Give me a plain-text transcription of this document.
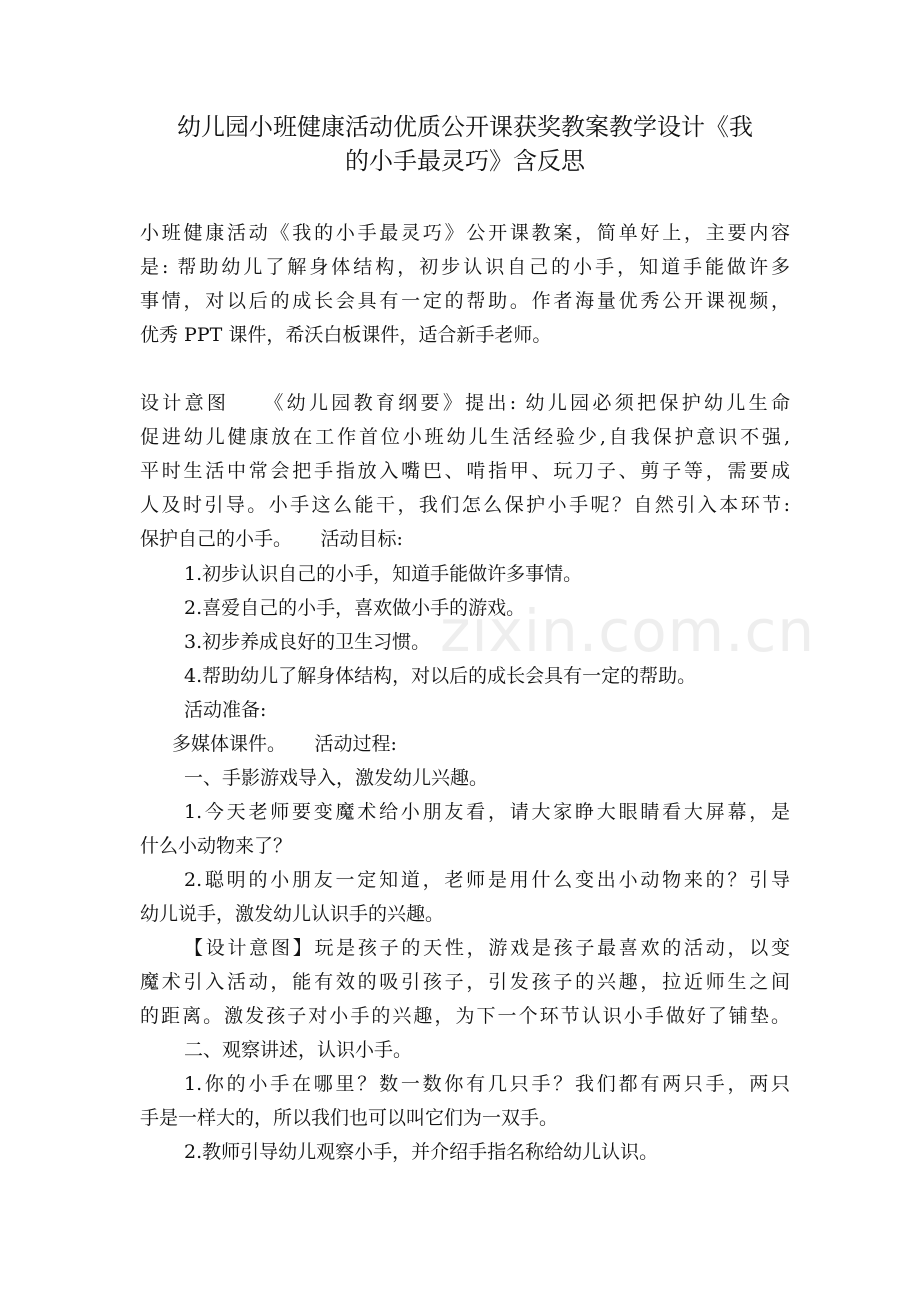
幼儿园小班健康活动优质公开课获奖教案教学设计《我
的小手最灵巧》含反思
小班健康活动《我的小手最灵巧》公开课教案，简单好上，主要内容
是: 帮助幼儿了解身体结构，初步认识自己的小手，知道手能做许多
事情，对以后的成长会具有一定的帮助。作者海量优秀公开课视频，
优秀 PPT 课件，希沃白板课件，适合新手老师。
设计意图　　《幼儿园教育纲要》提出: 幼儿园必须把保护幼儿生命
促进幼儿健康放在工作首位小班幼儿生活经验少,自我保护意识不强,
平时生活中常会把手指放入嘴巴、啃指甲、玩刀子、剪子等，需要成
人及时引导。小手这么能干，我们怎么保护小手呢？自然引入本环节:
保护自己的小手。　　活动目标:
1.初步认识自己的小手，知道手能做许多事情。
2.喜爱自己的小手，喜欢做小手的游戏。
3.初步养成良好的卫生习惯。
4.帮助幼儿了解身体结构，对以后的成长会具有一定的帮助。
活动准备:
多媒体课件。　　活动过程:
一、手影游戏导入，激发幼儿兴趣。
1.今天老师要变魔术给小朋友看，请大家睁大眼睛看大屏幕，是
什么小动物来了？
2.聪明的小朋友一定知道，老师是用什么变出小动物来的？引导
幼儿说手，激发幼儿认识手的兴趣。
【设计意图】玩是孩子的天性，游戏是孩子最喜欢的活动，以变
魔术引入活动，能有效的吸引孩子，引发孩子的兴趣，拉近师生之间
的距离。激发孩子对小手的兴趣，为下一个环节认识小手做好了铺垫。
二、观察讲述，认识小手。
1.你的小手在哪里？数一数你有几只手？我们都有两只手，两只
手是一样大的，所以我们也可以叫它们为一双手。
2.教师引导幼儿观察小手，并介绍手指名称给幼儿认识。
zixin.com.cn
